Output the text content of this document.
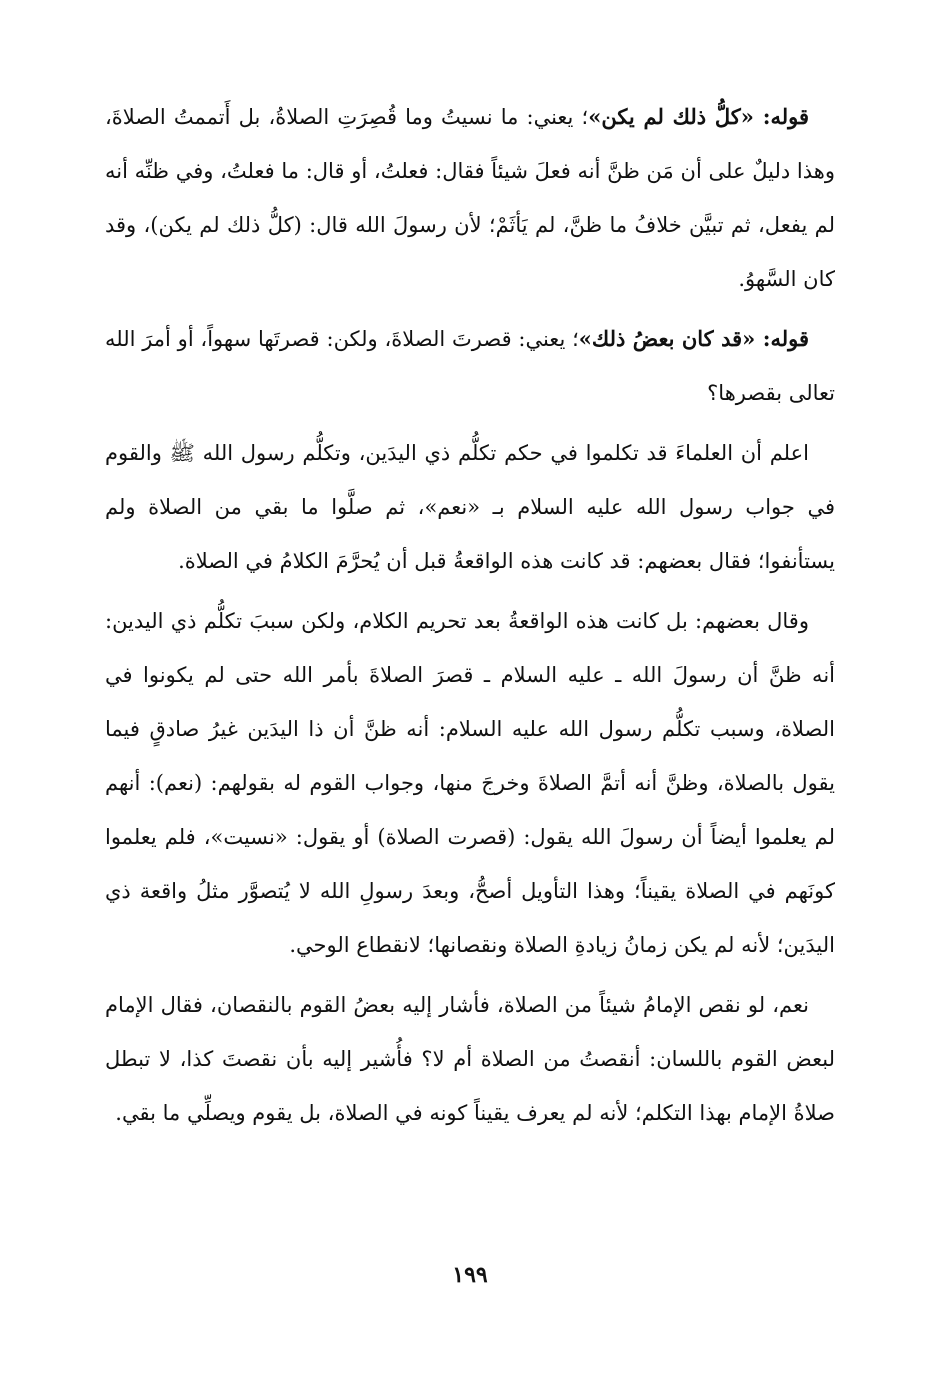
قوله: «كلُّ ذلك لم يكن»؛ يعني: ما نسيتُ وما قُصِرَتِ الصلاةُ، بل أَتممتُ الصلاةَ، وهذا دليلٌ على أن مَن ظنَّ أنه فعلَ شيئاً فقال: فعلتُ، أو قال: ما فعلتُ، وفي ظنِّه أنه لم يفعل، ثم تبيَّن خلافُ ما ظنَّ، لم يَأثَمْ؛ لأن رسولَ الله قال: (كلُّ ذلك لم يكن)، وقد كان السَّهوُ.

قوله: «قد كان بعضُ ذلك»؛ يعني: قصرتَ الصلاةَ، ولكن: قصرتَها سهواً، أو أمرَ الله تعالى بقصرها؟

اعلم أن العلماءَ قد تكلموا في حكم تكلُّم ذي اليدَين، وتكلُّم رسول الله ﷺ والقوم في جواب رسول الله عليه السلام بـ «نعم»، ثم صلَّوا ما بقي من الصلاة ولم يستأنفوا؛ فقال بعضهم: قد كانت هذه الواقعةُ قبل أن يُحرَّمَ الكلامُ في الصلاة.

وقال بعضهم: بل كانت هذه الواقعةُ بعد تحريم الكلام، ولكن سببَ تكلُّم ذي اليدين: أنه ظنَّ أن رسولَ الله ـ عليه السلام ـ قصرَ الصلاةَ بأمر الله حتى لم يكونوا في الصلاة، وسبب تكلُّم رسول الله عليه السلام: أنه ظنَّ أن ذا اليدَين غيرُ صادقٍ فيما يقول بالصلاة، وظنَّ أنه أتمَّ الصلاةَ وخرجَ منها، وجواب القوم له بقولهم: (نعم): أنهم لم يعلموا أيضاً أن رسولَ الله يقول: (قصرت الصلاة) أو يقول: «نسيت»، فلم يعلموا كونَهم في الصلاة يقيناً؛ وهذا التأويل أصحُّ، وبعدَ رسولِ الله لا يُتصوَّر مثلُ واقعة ذي اليدَين؛ لأنه لم يكن زمانُ زيادةِ الصلاة ونقصانها؛ لانقطاع الوحي.

نعم، لو نقص الإمامُ شيئاً من الصلاة، فأشار إليه بعضُ القوم بالنقصان، فقال الإمام لبعض القوم باللسان: أنقصتُ من الصلاة أم لا؟ فأُشير إليه بأن نقصتَ كذا، لا تبطل صلاةُ الإمام بهذا التكلم؛ لأنه لم يعرف يقيناً كونه في الصلاة، بل يقوم ويصلِّي ما بقي.

١٩٩
